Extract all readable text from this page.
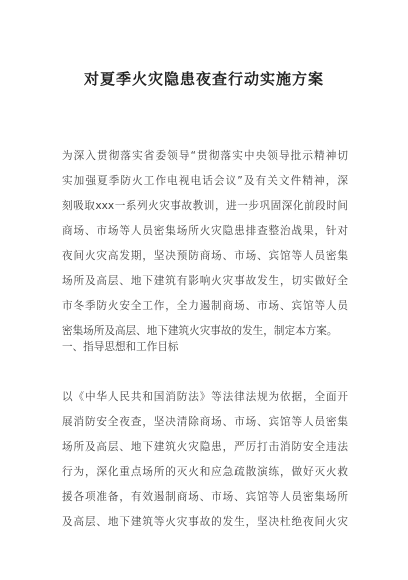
对夏季火灾隐患夜查行动实施方案
为深入贯彻落实省委领导“贯彻落实中央领导批示精神切
实加强夏季防火工作电视电话会议”及有关文件精神，深
刻吸取xxx一系列火灾事故教训，进一步巩固深化前段时间
商场、市场等人员密集场所火灾隐患排查整治战果，针对
夜间火灾高发期，坚决预防商场、市场、宾馆等人员密集
场所及高层、地下建筑有影响火灾事故发生，切实做好全
市冬季防火安全工作，全力遏制商场、市场、宾馆等人员
密集场所及高层、地下建筑火灾事故的发生，制定本方案。
一、指导思想和工作目标
以《中华人民共和国消防法》等法律法规为依据，全面开
展消防安全夜查，坚决清除商场、市场、宾馆等人员密集
场所及高层、地下建筑火灾隐患，严厉打击消防安全违法
行为，深化重点场所的灭火和应急疏散演练，做好灭火救
援各项准备，有效遏制商场、市场、宾馆等人员密集场所
及高层、地下建筑等火灾事故的发生，坚决杜绝夜间火灾
